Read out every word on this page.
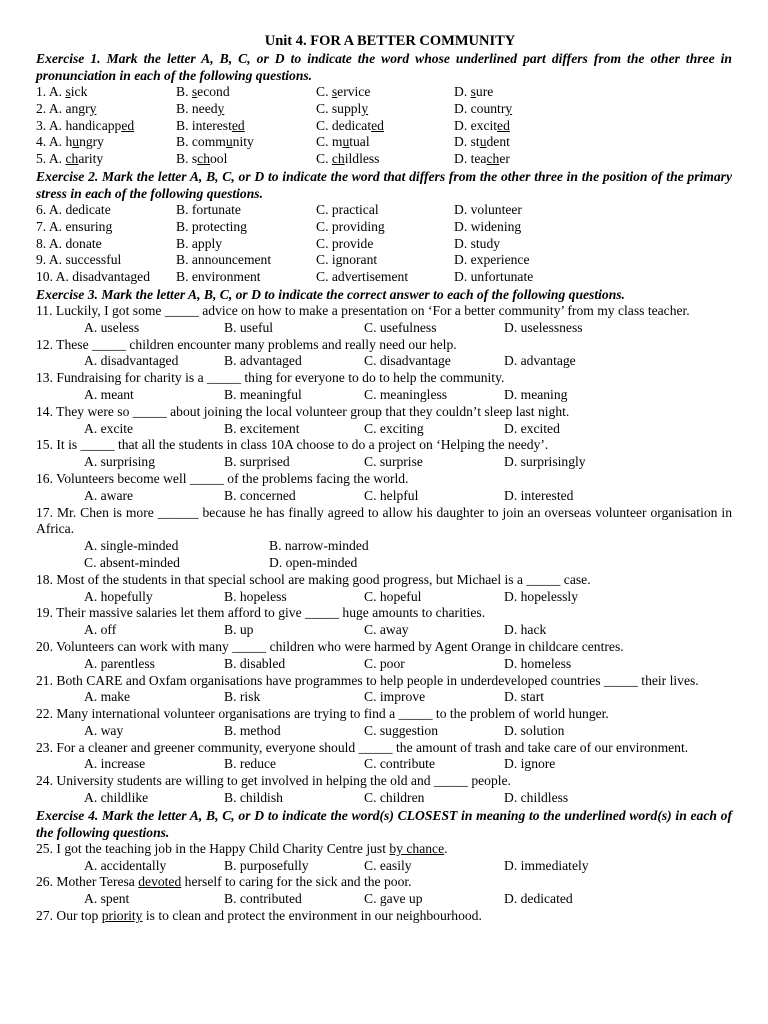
Unit 4. FOR A BETTER COMMUNITY
Exercise 1. Mark the letter A, B, C, or D to indicate the word whose underlined part differs from the other three in pronunciation in each of the following questions.
1. A. sick	B. second	C. service	D. sure
2. A. angry	B. needy	C. supply	D. country
3. A. handicapped	B. interested	C. dedicated	D. excited
4. A. hungry	B. community	C. mutual	D. student
5. A. charity	B. school	C. childless	D. teacher
Exercise 2. Mark the letter A, B, C, or D to indicate the word that differs from the other three in the position of the primary stress in each of the following questions.
6. A. dedicate	B. fortunate	C. practical	D. volunteer
7. A. ensuring	B. protecting	C. providing	D. widening
8. A. donate	B. apply	C. provide	D. study
9. A. successful	B. announcement	C. ignorant	D. experience
10. A. disadvantaged	B. environment	C. advertisement	D. unfortunate
Exercise 3. Mark the letter A, B, C, or D to indicate the correct answer to each of the following questions.
11. Luckily, I got some _____ advice on how to make a presentation on ‘For a better community’ from my class teacher.
A. useless	B. useful	C. usefulness	D. uselessness
12. These _____ children encounter many problems and really need our help.
A. disadvantaged	B. advantaged	C. disadvantage	D. advantage
13. Fundraising for charity is a _____ thing for everyone to do to help the community.
A. meant	B. meaningful	C. meaningless	D. meaning
14. They were so _____ about joining the local volunteer group that they couldn’t sleep last night.
A. excite	B. excitement	C. exciting	D. excited
15. It is _____ that all the students in class 10A choose to do a project on ‘Helping the needy’.
A. surprising	B. surprised	C. surprise	D. surprisingly
16. Volunteers become well _____ of the problems facing the world.
A. aware	B. concerned	C. helpful	D. interested
17. Mr. Chen is more ______ because he has finally agreed to allow his daughter to join an overseas volunteer organisation in Africa.
A. single-minded	B. narrow-minded
C. absent-minded	D. open-minded
18. Most of the students in that special school are making good progress, but Michael is a _____ case.
A. hopefully	B. hopeless	C. hopeful	D. hopelessly
19. Their massive salaries let them afford to give _____ huge amounts to charities.
A. off	B. up	C. away	D. hack
20. Volunteers can work with many _____ children who were harmed by Agent Orange in childcare centres.
A. parentless	B. disabled	C. poor	D. homeless
21. Both CARE and Oxfam organisations have programmes to help people in underdeveloped countries _____ their lives.
A. make	B. risk	C. improve	D. start
22. Many international volunteer organisations are trying to find a _____ to the problem of world hunger.
A. way	B. method	C. suggestion	D. solution
23. For a cleaner and greener community, everyone should _____ the amount of trash and take care of our environment.
A. increase	B. reduce	C. contribute	D. ignore
24. University students are willing to get involved in helping the old and _____ people.
A. childlike	B. childish	C. children	D. childless
Exercise 4. Mark the letter A, B, C, or D to indicate the word(s) CLOSEST in meaning to the underlined word(s) in each of the following questions.
25. I got the teaching job in the Happy Child Charity Centre just by chance.
A. accidentally	B. purposefully	C. easily	D. immediately
26. Mother Teresa devoted herself to caring for the sick and the poor.
A. spent	B. contributed	C. gave up	D. dedicated
27. Our top priority is to clean and protect the environment in our neighbourhood.
